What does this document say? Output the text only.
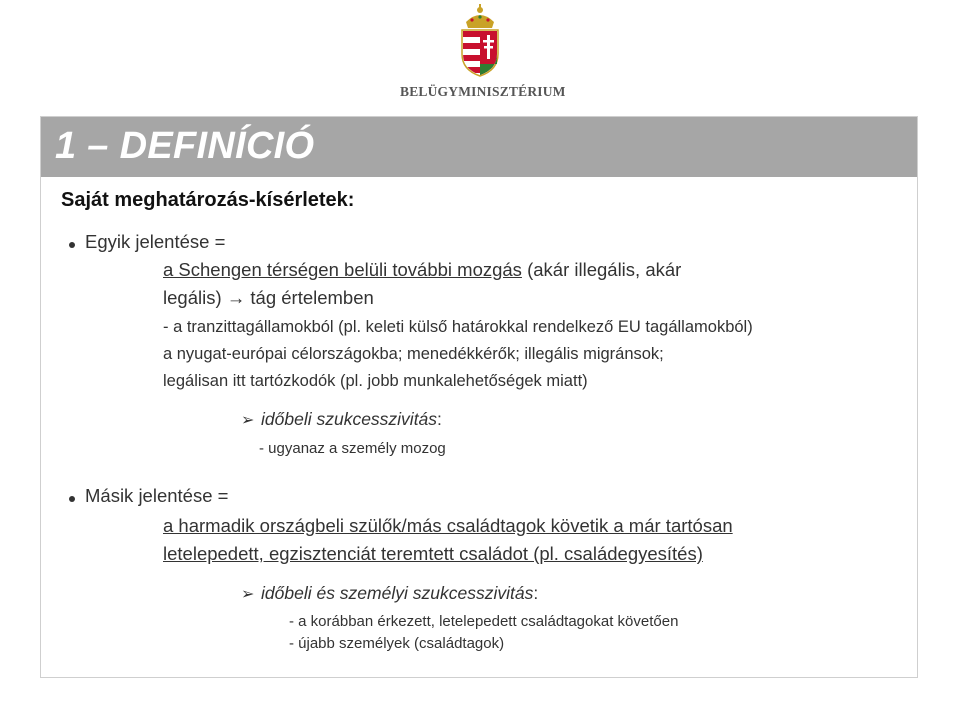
BELÜGYMINISZTÉRIUM
1 – DEFINÍCIÓ
Saját meghatározás-kísérletek:
Egyik jelentése =
a Schengen térségen belüli további mozgás (akár illegális, akár
legális) → tág értelemben
- a tranzittagállamokból (pl. keleti külső határokkal rendelkező EU tagállamokból)
a nyugat-európai célországokba; menedékkérők; illegális migránsok;
legálisan itt tartózkodók (pl. jobb munkalehetőségek miatt)
➢ időbeli szukcesszivitás:
- ugyanaz a személy mozog
Másik jelentése =
a harmadik országbeli szülők/más családtagok követik a már tartósan
letelepedett, egzisztenciát teremtett családot (pl. családegyesítés)
➢ időbeli és személyi szukcesszivitás:
- a korábban érkezett, letelepedett családtagokat követően
- újabb személyek (családtagok)
